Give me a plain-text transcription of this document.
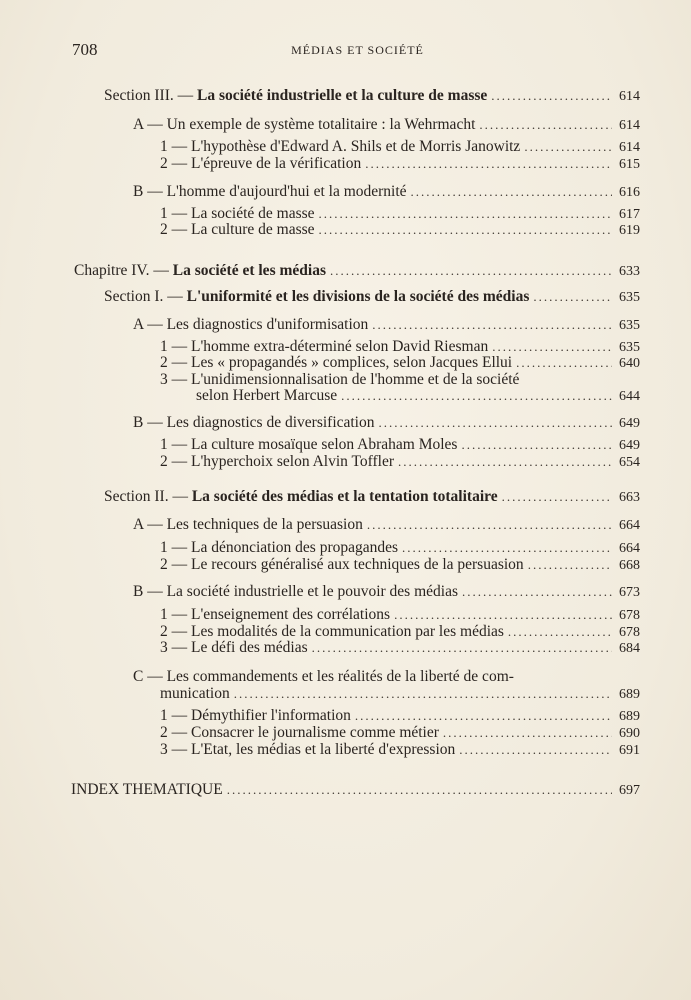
708	MÉDIAS ET SOCIÉTÉ
Section III. — La société industrielle et la culture de masse .....	614
A — Un exemple de système totalitaire : la Wehrmacht .....	614
1 — L'hypothèse d'Edward A. Shils et de Morris Janowitz .....	614
2 — L'épreuve de la vérification .....	615
B — L'homme d'aujourd'hui et la modernité .....	616
1 — La société de masse .....	617
2 — La culture de masse .....	619
Chapitre IV. — La société et les médias .....	633
Section I. — L'uniformité et les divisions de la société des médias .....	635
A — Les diagnostics d'uniformisation .....	635
1 — L'homme extra-déterminé selon David Riesman .....	635
2 — Les « propagandés » complices, selon Jacques Ellui .....	640
3 — L'unidimensionnalisation de l'homme et de la société
selon Herbert Marcuse .....	644
B — Les diagnostics de diversification .....	649
1 — La culture mosaïque selon Abraham Moles .....	649
2 — L'hyperchoix selon Alvin Toffler .....	654
Section II. — La société des médias et la tentation totalitaire .....	663
A — Les techniques de la persuasion .....	664
1 — La dénonciation des propagandes .....	664
2 — Le recours généralisé aux techniques de la persuasion .....	668
B — La société industrielle et le pouvoir des médias .....	673
1 — L'enseignement des corrélations .....	678
2 — Les modalités de la communication par les médias .....	678
3 — Le défi des médias .....	684
C — Les commandements et les réalités de la liberté de com-
munication .....	689
1 — Démythifier l'information .....	689
2 — Consacrer le journalisme comme métier .....	690
3 — L'Etat, les médias et la liberté d'expression .....	691
INDEX THEMATIQUE .....	697
